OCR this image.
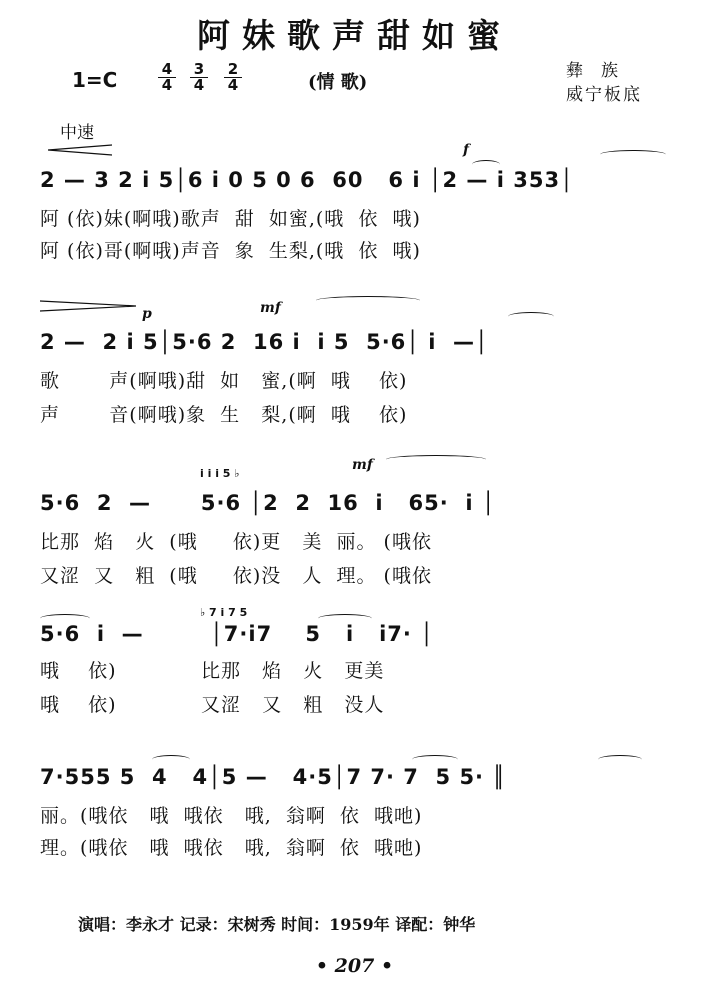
阿妹歌声甜如蜜
1=C	$\frac{4}{4} \frac{3}{4} \frac{2}{4}$	(情 歌)
彝族
威宁板底
中速
f
2 — 3 2 i 5│6 i 0 5 0 6  60   6 i │2 — i 353│
阿 (依)妹(啊哦)歌声  甜  如蜜,(哦  依  哦)
阿 (依)哥(啊哦)声音  象  生梨,(哦  依  哦)
p	mf
2 —  2 i 5│5·6 2  16 i  i 5  5·6│ i  —│
歌       声(啊哦)甜  如   蜜,(啊  哦    依)
声       音(啊哦)象  生   梨,(啊  哦    依)
i i i 5 ♭
mf
5·6  2  —      5·6 │2  2  16  i   65·  i │
比那  焰   火  (哦     依)更   美  丽。 (哦依
又涩  又   粗  (哦     依)没   人  理。 (哦依
♭ 7 i 7 5
5·6  i  —        │7·i7    5   i   i7· │
哦    依)            比那   焰   火   更美
哦    依)            又涩   又   粗   没人
7·555 5  4   4│5 —   4·5│7 7· 7  5 5· ║
丽。(哦依   哦  哦依   哦,  翁啊  依  哦吔)
理。(哦依   哦  哦依   哦,  翁啊  依  哦吔)
演唱：李永才 记录：宋树秀 时间：1959年 译配：钟华
• 207 •
